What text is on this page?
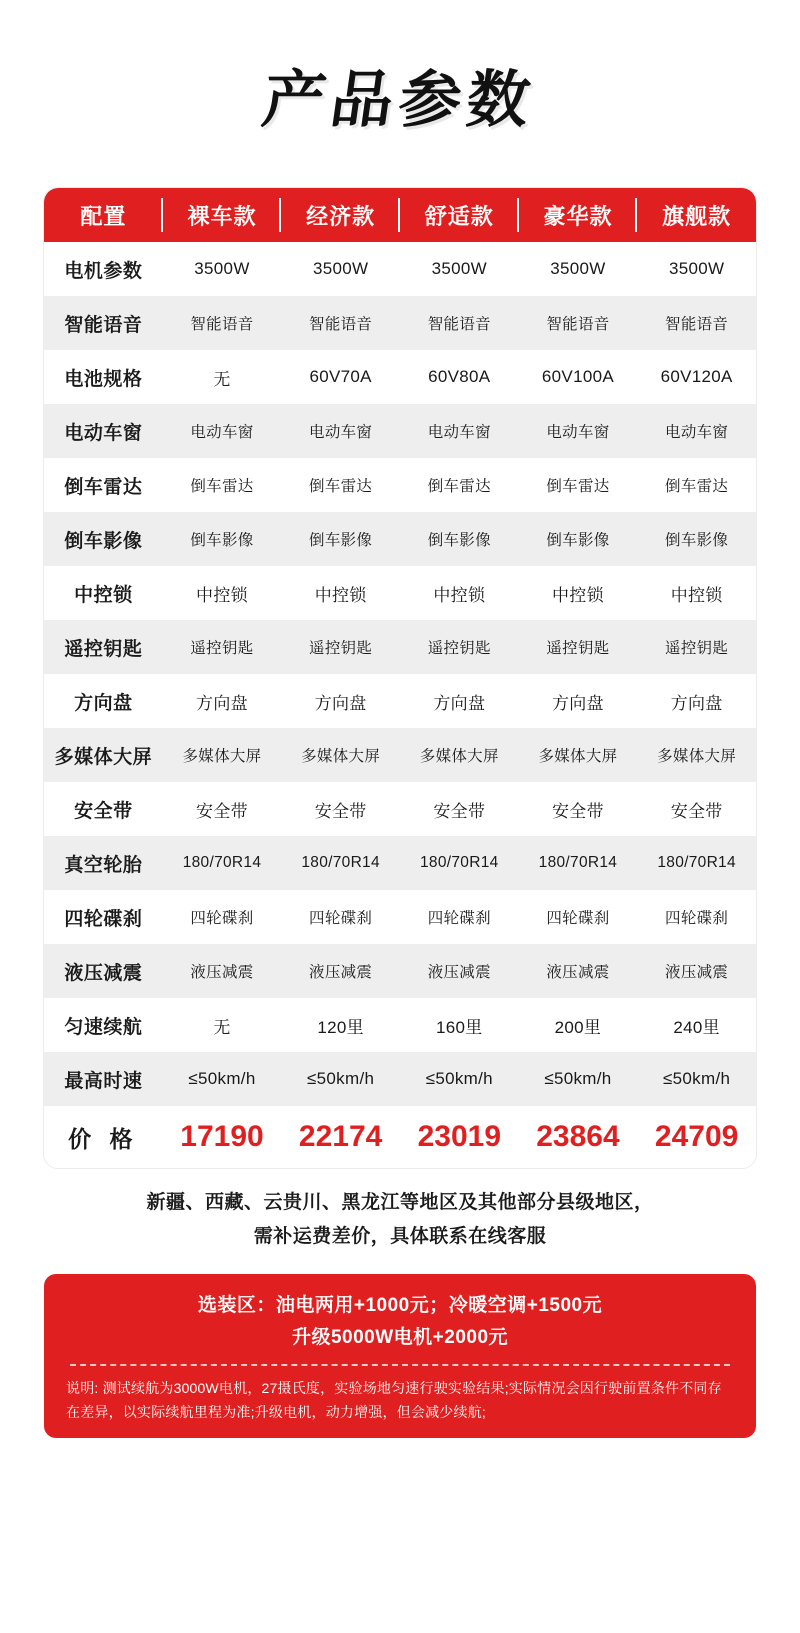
产品参数
配置	裸车款	经济款	舒适款	豪华款	旗舰款
电机参数	3500W	3500W	3500W	3500W	3500W
智能语音	智能语音	智能语音	智能语音	智能语音	智能语音
电池规格	无	60V70A	60V80A	60V100A	60V120A
电动车窗	电动车窗	电动车窗	电动车窗	电动车窗	电动车窗
倒车雷达	倒车雷达	倒车雷达	倒车雷达	倒车雷达	倒车雷达
倒车影像	倒车影像	倒车影像	倒车影像	倒车影像	倒车影像
中控锁	中控锁	中控锁	中控锁	中控锁	中控锁
遥控钥匙	遥控钥匙	遥控钥匙	遥控钥匙	遥控钥匙	遥控钥匙
方向盘	方向盘	方向盘	方向盘	方向盘	方向盘
多媒体大屏	多媒体大屏	多媒体大屏	多媒体大屏	多媒体大屏	多媒体大屏
安全带	安全带	安全带	安全带	安全带	安全带
真空轮胎	180/70R14	180/70R14	180/70R14	180/70R14	180/70R14
四轮碟刹	四轮碟刹	四轮碟刹	四轮碟刹	四轮碟刹	四轮碟刹
液压减震	液压减震	液压减震	液压减震	液压减震	液压减震
匀速续航	无	120里	160里	200里	240里
最高时速	≤50km/h	≤50km/h	≤50km/h	≤50km/h	≤50km/h
价 格	17190	22174	23019	23864	24709
新疆、西藏、云贵川、黑龙江等地区及其他部分县级地区，
需补运费差价，具体联系在线客服
选装区：油电两用+1000元；冷暖空调+1500元
升级5000W电机+2000元
说明: 测试续航为3000W电机，27摄氏度，实验场地匀速行驶实验结果;实际情况会因行驶前置条件不同存在差异，以实际续航里程为准;升级电机，动力增强，但会减少续航;
